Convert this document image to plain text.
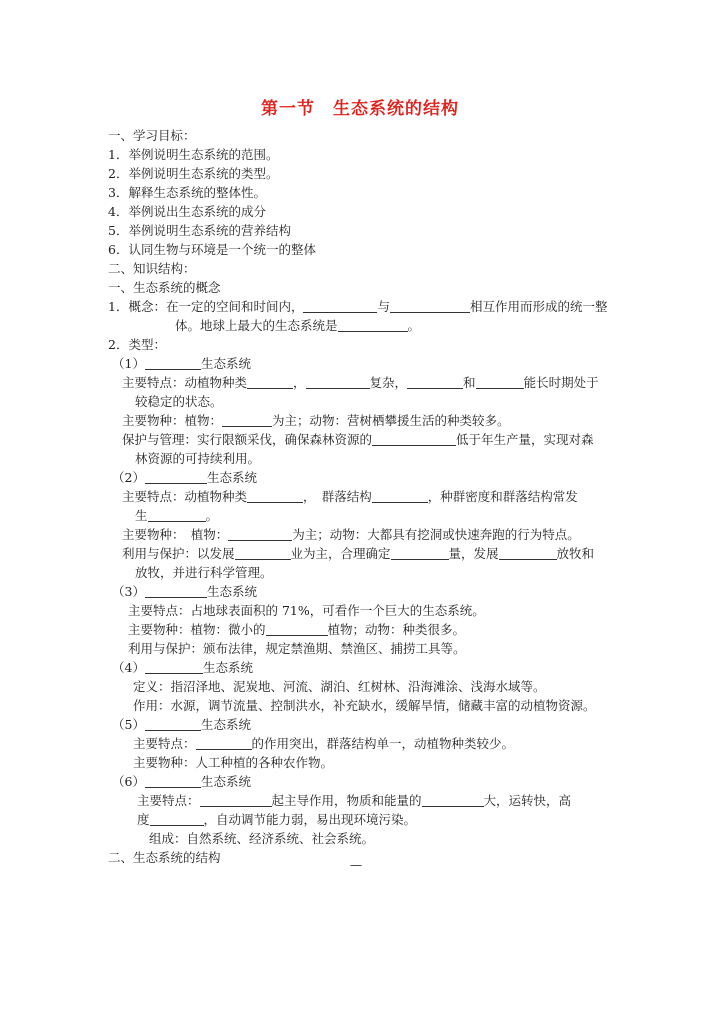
第一节　生态系统的结构
一、学习目标：
1．举例说明生态系统的范围。
2．举例说明生态系统的类型。
3．解释生态系统的整体性。
4．举例说出生态系统的成分
5．举例说明生态系统的营养结构
6．认同生物与环境是一个统一的整体
二、知识结构：
一、生态系统的概念
1．概念：在一定的空间和时间内，	与	相互作用而形成的统一整
体。地球上最大的生态系统是	。
2．类型：
（1）	生态系统
主要特点：动植物种类	，	复杂，	和	能长时期处于
较稳定的状态。
主要物种：植物：	为主；动物：营树栖攀援生活的种类较多。
保护与管理：实行限额采伐，确保森林资源的	低于年生产量，实现对森
林资源的可持续利用。
（2）	生态系统
主要特点：动植物种类	，　群落结构	，种群密度和群落结构常发
生	。
主要物种：　植物：	为主；动物：大都具有挖洞或快速奔跑的行为特点。
利用与保护：以发展	业为主，合理确定	量，发展	放牧和
放牧，并进行科学管理。
（3）	生态系统
主要特点：占地球表面积的 71%，可看作一个巨大的生态系统。
主要物种：植物：微小的	植物；动物：种类很多。
利用与保护：颁布法律，规定禁渔期、禁渔区、捕捞工具等。
（4）	生态系统
定义：指沼泽地、泥炭地、河流、湖泊、红树林、沿海滩涂、浅海水域等。
作用：水源，调节流量、控制洪水，补充缺水，缓解旱情，储藏丰富的动植物资源。
（5）	生态系统
主要特点：	的作用突出，群落结构单一，动植物种类较少。
主要物种：人工种植的各种农作物。
（6）	生态系统
主要特点：	起主导作用，物质和能量的	大，运转快，高
度	，自动调节能力弱，易出现环境污染。
组成：自然系统、经济系统、社会系统。
二、生态系统的结构	—
